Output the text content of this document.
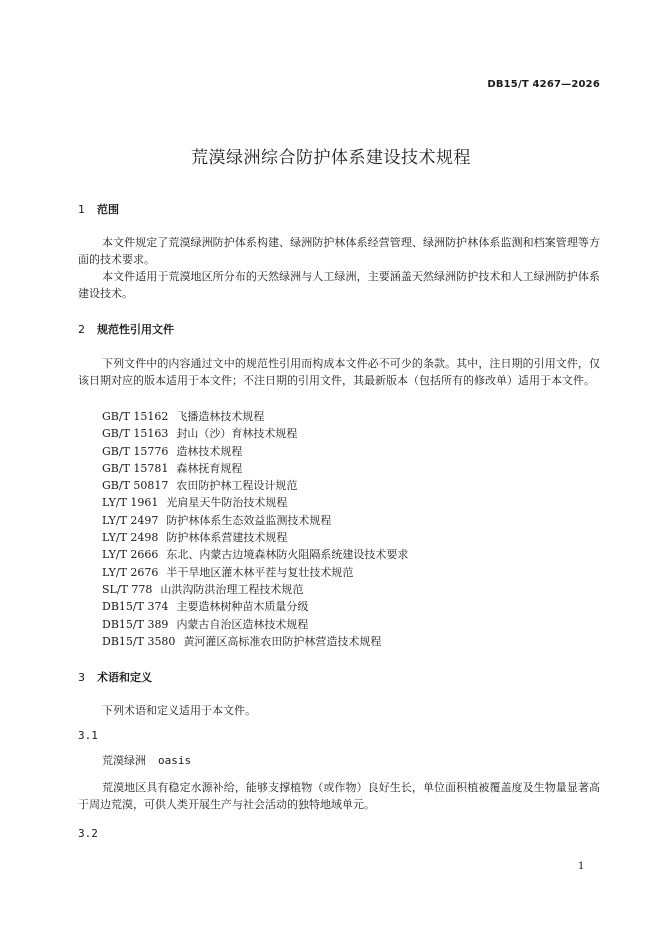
DB15/T 4267—2026
荒漠绿洲综合防护体系建设技术规程
1 范围
本文件规定了荒漠绿洲防护体系构建、绿洲防护林体系经营管理、绿洲防护林体系监测和档案管理等方面的技术要求。
本文件适用于荒漠地区所分布的天然绿洲与人工绿洲，主要涵盖天然绿洲防护技术和人工绿洲防护体系建设技术。
2 规范性引用文件
下列文件中的内容通过文中的规范性引用而构成本文件必不可少的条款。其中，注日期的引用文件，仅该日期对应的版本适用于本文件；不注日期的引用文件，其最新版本（包括所有的修改单）适用于本文件。
GB/T 15162 飞播造林技术规程
GB/T 15163 封山（沙）育林技术规程
GB/T 15776 造林技术规程
GB/T 15781 森林抚育规程
GB/T 50817 农田防护林工程设计规范
LY/T 1961 光肩星天牛防治技术规程
LY/T 2497 防护林体系生态效益监测技术规程
LY/T 2498 防护林体系营建技术规程
LY/T 2666 东北、内蒙古边境森林防火阻隔系统建设技术要求
LY/T 2676 半干旱地区灌木林平茬与复壮技术规范
SL/T 778 山洪沟防洪治理工程技术规范
DB15/T 374 主要造林树种苗木质量分级
DB15/T 389 内蒙古自治区造林技术规程
DB15/T 3580 黄河灌区高标准农田防护林营造技术规程
3 术语和定义
下列术语和定义适用于本文件。
3.1
荒漠绿洲 oasis
荒漠地区具有稳定水源补给，能够支撑植物（或作物）良好生长，单位面积植被覆盖度及生物量显著高于周边荒漠，可供人类开展生产与社会活动的独特地域单元。
3.2
1
